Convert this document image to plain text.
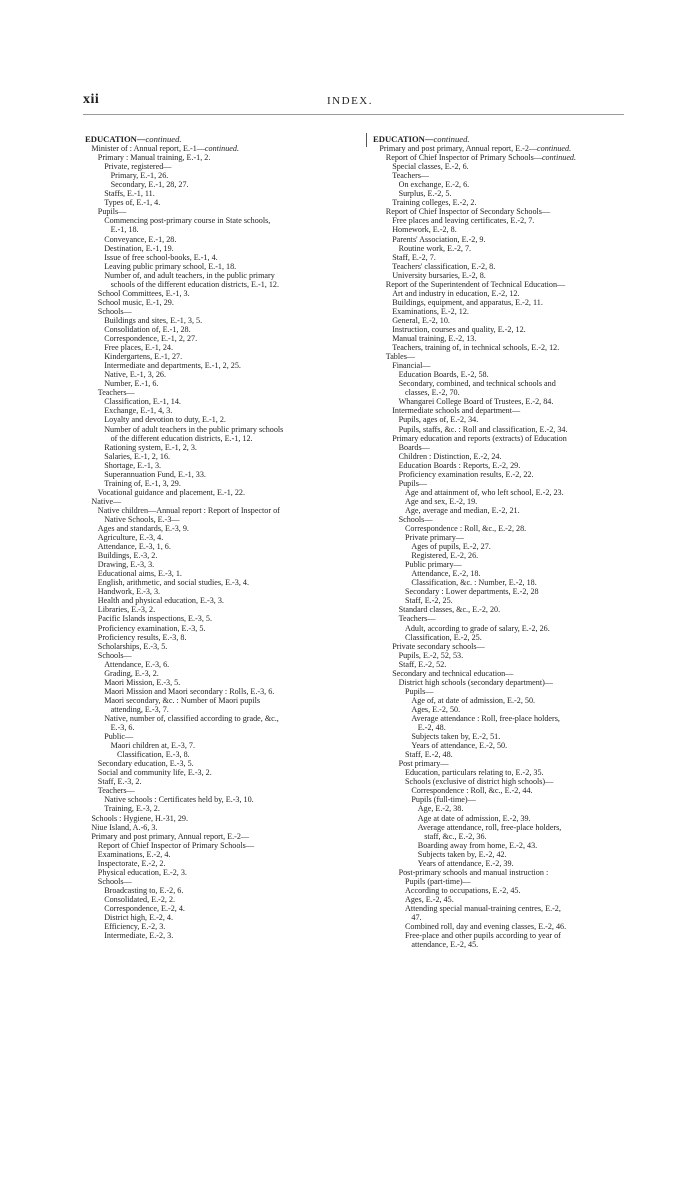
xii	INDEX.
EDUCATION—continued.
Minister of : Annual report, E.-1—continued.
Primary : Manual training, E.-1, 2.
Private, registered—
Primary, E.-1, 26.
Secondary, E.-1, 28, 27.
Staffs, E.-1, 11.
Types of, E.-1, 4.
Pupils—
Commencing post-primary course in State schools,
E.-1, 18.
Conveyance, E.-1, 28.
Destination, E.-1, 19.
Issue of free school-books, E.-1, 4.
Leaving public primary school, E.-1, 18.
Number of, and adult teachers, in the public primary
schools of the different education districts, E.-1, 12.
School Committees, E.-1, 3.
School music, E.-1, 29.
Schools—
Buildings and sites, E.-1, 3, 5.
Consolidation of, E.-1, 28.
Correspondence, E.-1, 2, 27.
Free places, E.-1, 24.
Kindergartens, E.-1, 27.
Intermediate and departments, E.-1, 2, 25.
Native, E.-1, 3, 26.
Number, E.-1, 6.
Teachers—
Classification, E.-1, 14.
Exchange, E.-1, 4, 3.
Loyalty and devotion to duty, E.-1, 2.
Number of adult teachers in the public primary schools
of the different education districts, E.-1, 12.
Rationing system, E.-1, 2, 3.
Salaries, E.-1, 2, 16.
Shortage, E.-1, 3.
Superannuation Fund, E.-1, 33.
Training of, E.-1, 3, 29.
Vocational guidance and placement, E.-1, 22.
Native—
Native children—Annual report : Report of Inspector of
Native Schools, E.-3—
Ages and standards, E.-3, 9.
Agriculture, E.-3, 4.
Attendance, E.-3, 1, 6.
Buildings, E.-3, 2.
Drawing, E.-3, 3.
Educational aims, E.-3, 1.
English, arithmetic, and social studies, E.-3, 4.
Handwork, E.-3, 3.
Health and physical education, E.-3, 3.
Libraries, E.-3, 2.
Pacific Islands inspections, E.-3, 5.
Proficiency examination, E.-3, 5.
Proficiency results, E.-3, 8.
Scholarships, E.-3, 5.
Schools—
Attendance, E.-3, 6.
Grading, E.-3, 2.
Maori Mission, E.-3, 5.
Maori Mission and Maori secondary : Rolls, E.-3, 6.
Maori secondary, &c. : Number of Maori pupils
attending, E.-3, 7.
Native, number of, classified according to grade, &c.,
E.-3, 6.
Public—
Maori children at, E.-3, 7.
Classification, E.-3, 8.
Secondary education, E.-3, 5.
Social and community life, E.-3, 2.
Staff, E.-3, 2.
Teachers—
Native schools : Certificates held by, E.-3, 10.
Training, E.-3, 2.
Schools : Hygiene, H.-31, 29.
Niue Island, A.-6, 3.
Primary and post primary, Annual report, E.-2—
Report of Chief Inspector of Primary Schools—
Examinations, E.-2, 4.
Inspectorate, E.-2, 2.
Physical education, E.-2, 3.
Schools—
Broadcasting to, E.-2, 6.
Consolidated, E.-2, 2.
Correspondence, E.-2, 4.
District high, E.-2, 4.
Efficiency, E.-2, 3.
Intermediate, E.-2, 3.
EDUCATION—continued.
Primary and post primary, Annual report, E.-2—continued.
Report of Chief Inspector of Primary Schools—continued.
Special classes, E.-2, 6.
Teachers—
On exchange, E.-2, 6.
Surplus, E.-2, 5.
Training colleges, E.-2, 2.
Report of Chief Inspector of Secondary Schools—
Free places and leaving certificates, E.-2, 7.
Homework, E.-2, 8.
Parents' Association, E.-2, 9.
Routine work, E.-2, 7.
Staff, E.-2, 7.
Teachers' classification, E.-2, 8.
University bursaries, E.-2, 8.
Report of the Superintendent of Technical Education—
Art and industry in education, E.-2, 12.
Buildings, equipment, and apparatus, E.-2, 11.
Examinations, E.-2, 12.
General, E.-2, 10.
Instruction, courses and quality, E.-2, 12.
Manual training, E.-2, 13.
Teachers, training of, in technical schools, E.-2, 12.
Tables—
Financial—
Education Boards, E.-2, 58.
Secondary, combined, and technical schools and
classes, E.-2, 70.
Whangarei College Board of Trustees, E.-2, 84.
Intermediate schools and department—
Pupils, ages of, E.-2, 34.
Pupils, staffs, &c. : Roll and classification, E.-2, 34.
Primary education and reports (extracts) of Education
Boards—
Children : Distinction, E.-2, 24.
Education Boards : Reports, E.-2, 29.
Proficiency examination results, E.-2, 22.
Pupils—
Age and attainment of, who left school, E.-2, 23.
Age and sex, E.-2, 19.
Age, average and median, E.-2, 21.
Schools—
Correspondence : Roll, &c., E.-2, 28.
Private primary—
Ages of pupils, E.-2, 27.
Registered, E.-2, 26.
Public primary—
Attendance, E.-2, 18.
Classification, &c. : Number, E.-2, 18.
Secondary : Lower departments, E.-2, 28
Staff, E.-2, 25.
Standard classes, &c., E.-2, 20.
Teachers—
Adult, according to grade of salary, E.-2, 26.
Classification, E.-2, 25.
Private secondary schools—
Pupils, E.-2, 52, 53.
Staff, E.-2, 52.
Secondary and technical education—
District high schools (secondary department)—
Pupils—
Age of, at date of admission, E.-2, 50.
Ages, E.-2, 50.
Average attendance : Roll, free-place holders,
E.-2, 48.
Subjects taken by, E.-2, 51.
Years of attendance, E.-2, 50.
Staff, E.-2, 48.
Post primary—
Education, particulars relating to, E.-2, 35.
Schools (exclusive of district high schools)—
Correspondence : Roll, &c., E.-2, 44.
Pupils (full-time)—
Age, E.-2, 38.
Age at date of admission, E.-2, 39.
Average attendance, roll, free-place holders,
staff, &c., E.-2, 36.
Boarding away from home, E.-2, 43.
Subjects taken by, E.-2, 42.
Years of attendance, E.-2, 39.
Post-primary schools and manual instruction :
Pupils (part-time)—
According to occupations, E.-2, 45.
Ages, E.-2, 45.
Attending special manual-training centres, E.-2,
47.
Combined roll, day and evening classes, E.-2, 46.
Free-place and other pupils according to year of
attendance, E.-2, 45.
